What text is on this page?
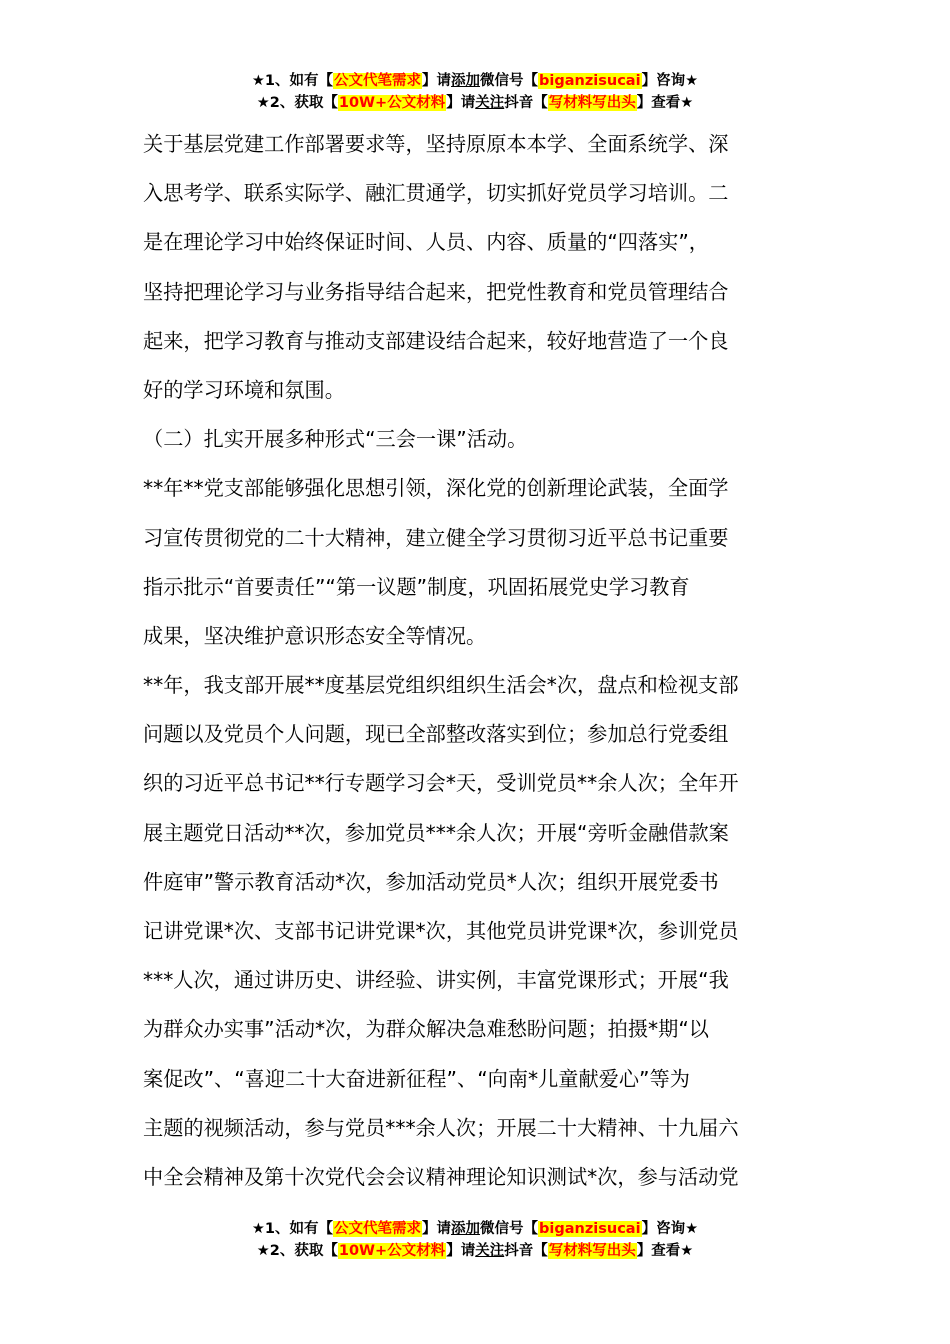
★1、如有【公文代笔需求】请添加微信号【biganzisucai】咨询★
★2、获取【10W+公文材料】请关注抖音【写材料写出头】查看★
关于基层党建工作部署要求等，坚持原原本本学、全面系统学、深
入思考学、联系实际学、融汇贯通学，切实抓好党员学习培训。二
是在理论学习中始终保证时间、人员、内容、质量的“四落实”，
坚持把理论学习与业务指导结合起来，把党性教育和党员管理结合
起来，把学习教育与推动支部建设结合起来，较好地营造了一个良
好的学习环境和氛围。
（二）扎实开展多种形式“三会一课”活动。
**年**党支部能够强化思想引领，深化党的创新理论武装，全面学
习宣传贯彻党的二十大精神，建立健全学习贯彻习近平总书记重要
指示批示“首要责任”“第一议题”制度，巩固拓展党史学习教育
成果，坚决维护意识形态安全等情况。
**年，我支部开展**度基层党组织组织生活会*次，盘点和检视支部
问题以及党员个人问题，现已全部整改落实到位；参加总行党委组
织的习近平总书记**行专题学习会*天，受训党员**余人次；全年开
展主题党日活动**次，参加党员***余人次；开展“旁听金融借款案
件庭审”警示教育活动*次，参加活动党员*人次；组织开展党委书
记讲党课*次、支部书记讲党课*次，其他党员讲党课*次，参训党员
***人次，通过讲历史、讲经验、讲实例，丰富党课形式；开展“我
为群众办实事”活动*次，为群众解决急难愁盼问题；拍摄*期“以
案促改”、“喜迎二十大奋进新征程”、“向南*儿童献爱心”等为
主题的视频活动，参与党员***余人次；开展二十大精神、十九届六
中全会精神及第十次党代会会议精神理论知识测试*次，参与活动党
★1、如有【公文代笔需求】请添加微信号【biganzisucai】咨询★
★2、获取【10W+公文材料】请关注抖音【写材料写出头】查看★
